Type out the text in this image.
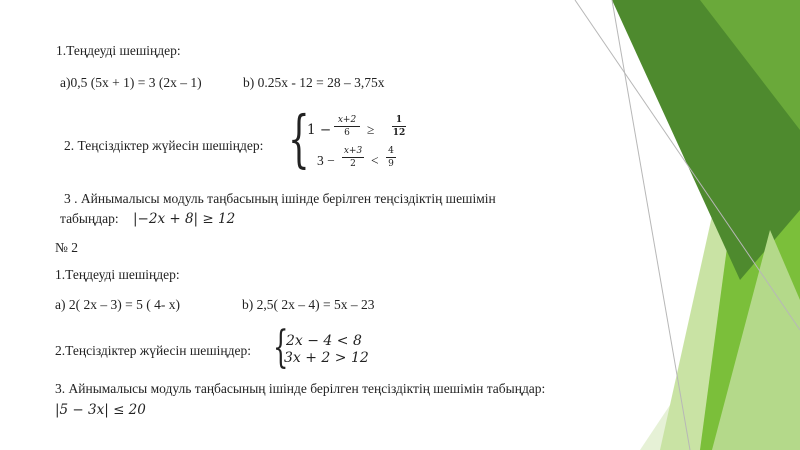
1.Теңдеуді шешіңдер:
а)0,5 (5х + 1) = 3 (2х – 1)	b) 0.25x - 12 = 28 – 3,75x
2. Теңсіздіктер жүйесін шешіңдер: {
1 −
x+2
6	≥
1
12
3 −
x+3
2	<
4
9
3 . Айнымалысы модуль таңбасының ішінде берілген теңсіздіктің шешімін
табыңдар: |−2x + 8| ≥ 12
№ 2
1.Теңдеуді шешіңдер:
а) 2( 2х – 3) = 5 ( 4- х)	b) 2,5( 2х – 4) = 5х – 23
2.Теңсіздіктер жүйесін шешіңдер: {
2x − 4 < 8
3x + 2 > 12
3. Айнымалысы модуль таңбасының ішінде берілген теңсіздіктің шешімін табыңдар:
|5 − 3x| ≤ 20
